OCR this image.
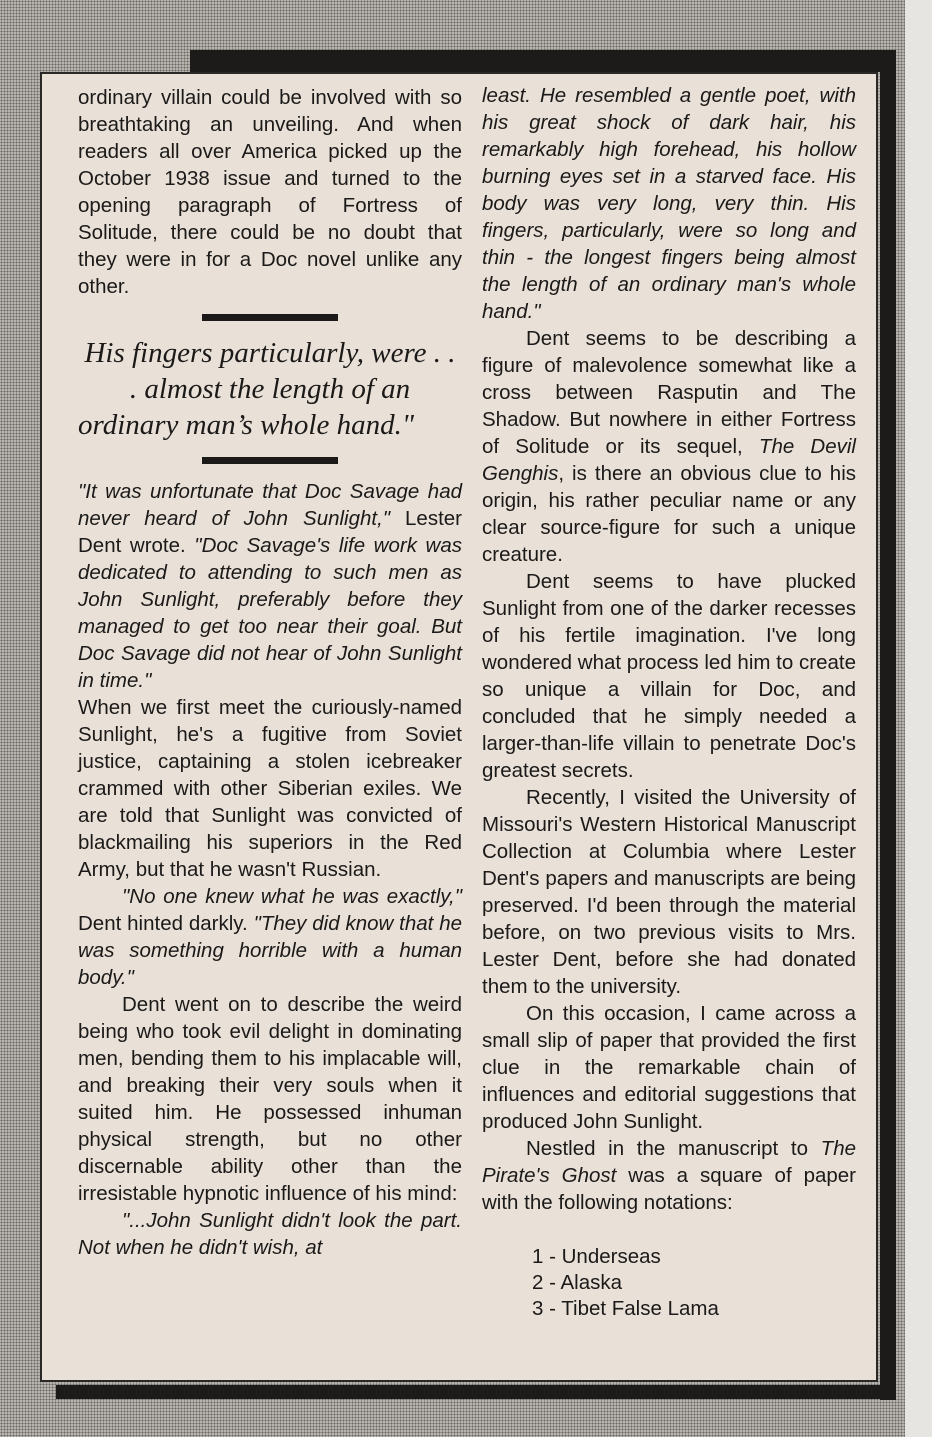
ordinary villain could be involved with so breathtaking an unveiling. And when readers all over America picked up the October 1938 issue and turned to the opening paragraph of Fortress of Solitude, there could be no doubt that they were in for a Doc novel unlike any other.

His fingers particularly, were . . . almost the length of an ordinary man’s whole hand."

"It was unfortunate that Doc Savage had never heard of John Sunlight," Lester Dent wrote. "Doc Savage's life work was dedicated to attending to such men as John Sunlight, preferably before they managed to get too near their goal. But Doc Savage did not hear of John Sunlight in time."

When we first meet the curiously-named Sunlight, he's a fugitive from Soviet justice, captaining a stolen icebreaker crammed with other Siberian exiles. We are told that Sunlight was convicted of blackmailing his superiors in the Red Army, but that he wasn't Russian.

"No one knew what he was exactly," Dent hinted darkly. "They did know that he was something horrible with a human body."

Dent went on to describe the weird being who took evil delight in dominating men, bending them to his implacable will, and breaking their very souls when it suited him. He possessed inhuman physical strength, but no other discernable ability other than the irresistable hypnotic influence of his mind:

"...John Sunlight didn't look the part. Not when he didn't wish, at

least. He resembled a gentle poet, with his great shock of dark hair, his remarkably high forehead, his hollow burning eyes set in a starved face. His body was very long, very thin. His fingers, particularly, were so long and thin - the longest fingers being almost the length of an ordinary man's whole hand."

Dent seems to be describing a figure of malevolence somewhat like a cross between Rasputin and The Shadow. But nowhere in either Fortress of Solitude or its sequel, The Devil Genghis, is there an obvious clue to his origin, his rather peculiar name or any clear source-figure for such a unique creature.

Dent seems to have plucked Sunlight from one of the darker recesses of his fertile imagination. I've long wondered what process led him to create so unique a villain for Doc, and concluded that he simply needed a larger-than-life villain to penetrate Doc's greatest secrets.

Recently, I visited the University of Missouri's Western Historical Manuscript Collection at Columbia where Lester Dent's papers and manuscripts are being preserved. I'd been through the material before, on two previous visits to Mrs. Lester Dent, before she had donated them to the university.

On this occasion, I came across a small slip of paper that provided the first clue in the remarkable chain of influences and editorial suggestions that produced John Sunlight.

Nestled in the manuscript to The Pirate's Ghost was a square of paper with the following notations:

1 - Underseas
2 - Alaska
3 - Tibet False Lama
